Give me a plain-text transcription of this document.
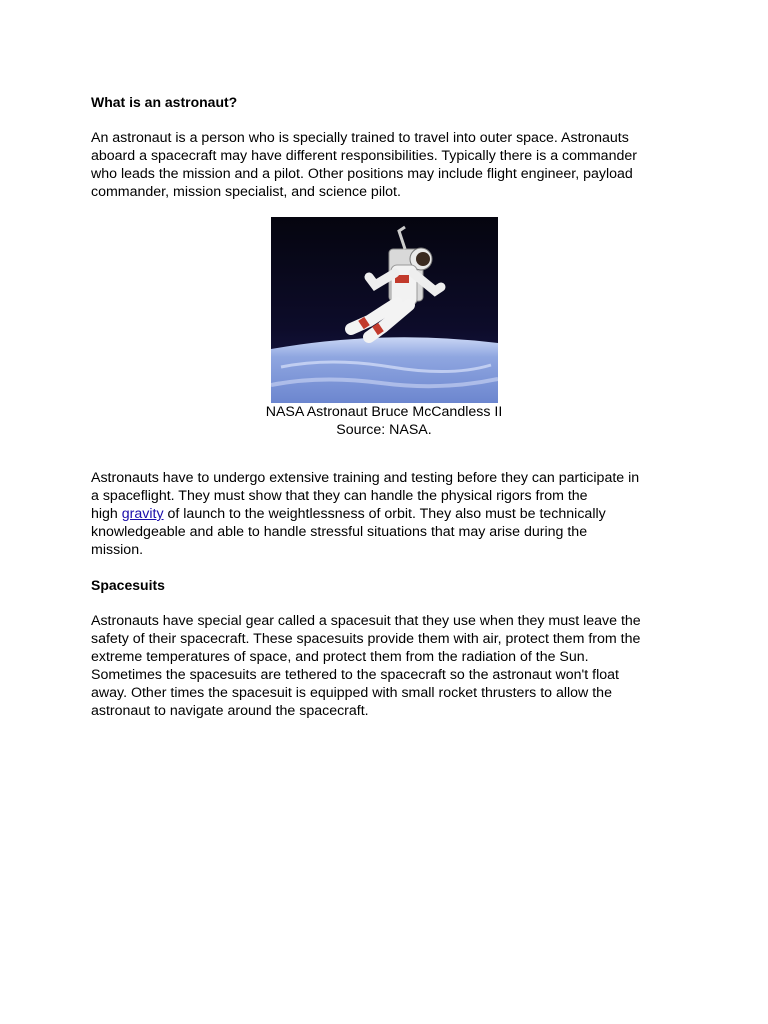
What is an astronaut?
An astronaut is a person who is specially trained to travel into outer space. Astronauts
aboard a spacecraft may have different responsibilities. Typically there is a commander
who leads the mission and a pilot. Other positions may include flight engineer, payload
commander, mission specialist, and science pilot.
NASA Astronaut Bruce McCandless II
Source: NASA.
Astronauts have to undergo extensive training and testing before they can participate in
a spaceflight. They must show that they can handle the physical rigors from the
high gravity of launch to the weightlessness of orbit. They also must be technically
knowledgeable and able to handle stressful situations that may arise during the
mission.
Spacesuits
Astronauts have special gear called a spacesuit that they use when they must leave the
safety of their spacecraft. These spacesuits provide them with air, protect them from the
extreme temperatures of space, and protect them from the radiation of the Sun.
Sometimes the spacesuits are tethered to the spacecraft so the astronaut won't float
away. Other times the spacesuit is equipped with small rocket thrusters to allow the
astronaut to navigate around the spacecraft.
